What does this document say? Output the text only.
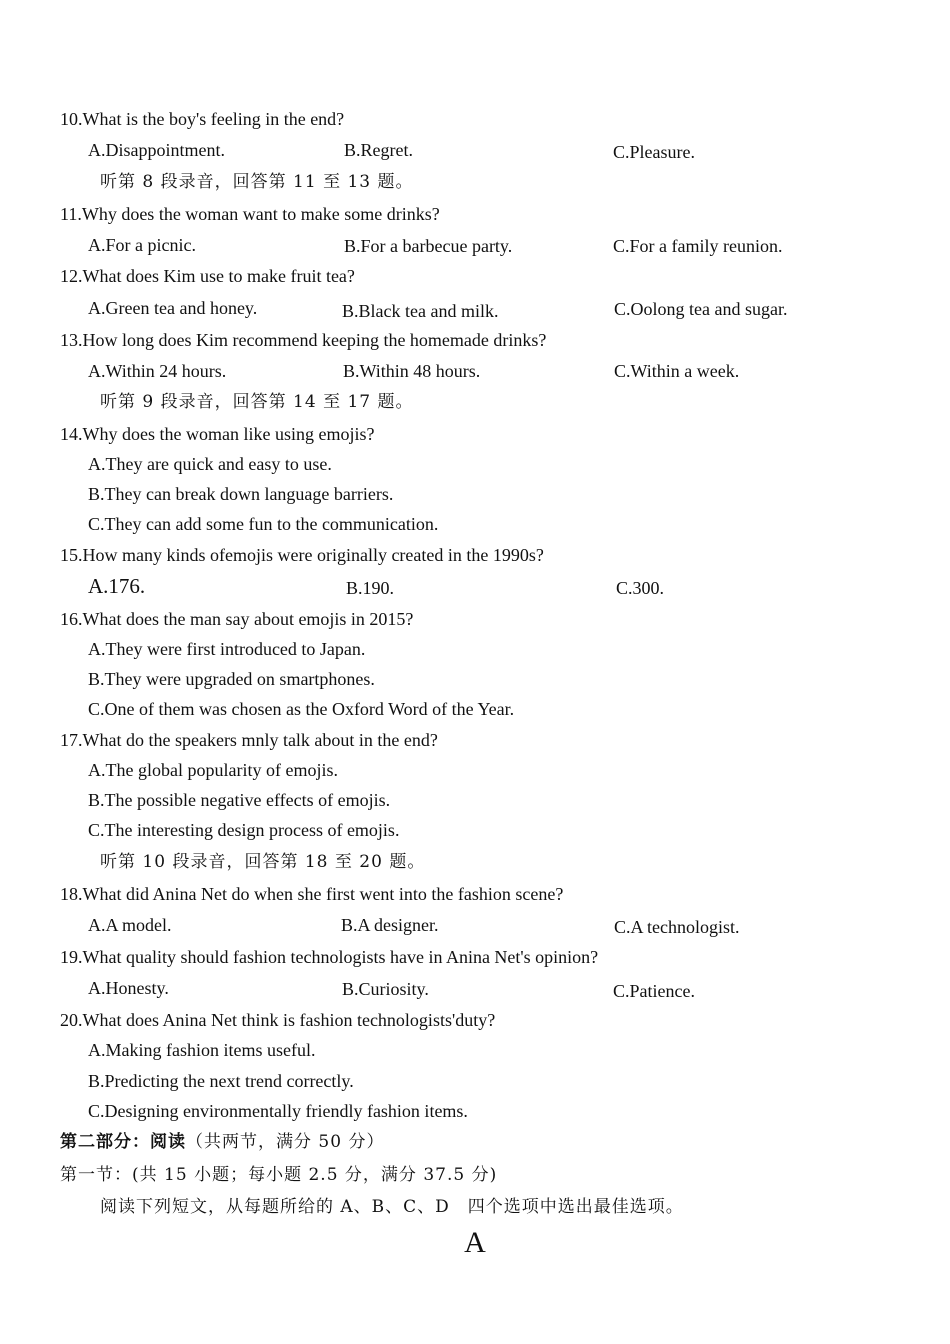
10.What is the boy's feeling in the end?
A.Disappointment.	B.Regret.	C.Pleasure.
听第 8 段录音，回答第 11 至 13 题。
11.Why does the woman want to make some drinks?
A.For a picnic.	B.For a barbecue party.	C.For a family reunion.
12.What does Kim use to make fruit tea?
A.Green tea and honey.	B.Black tea and milk.	C.Oolong tea and sugar.
13.How long does Kim recommend keeping the homemade drinks?
A.Within 24 hours.	B.Within 48 hours.	C.Within a week.
听第 9 段录音，回答第 14 至 17 题。
14.Why does the woman like using emojis?
A.They are quick and easy to use.
B.They can break down language barriers.
C.They can add some fun to the communication.
15.How many kinds ofemojis were originally created in the 1990s?
A.176.	B.190.	C.300.
16.What does the man say about emojis in 2015?
A.They were first introduced to Japan.
B.They were upgraded on smartphones.
C.One of them was chosen as the Oxford Word of the Year.
17.What do the speakers mnly talk about in the end?
A.The global popularity of emojis.
B.The possible negative effects of emojis.
C.The interesting design process of emojis.
听第 10 段录音，回答第 18 至 20 题。
18.What did Anina Net do when she first went into the fashion scene?
A.A model.	B.A designer.	C.A technologist.
19.What quality should fashion technologists have in Anina Net's opinion?
A.Honesty.	B.Curiosity.	C.Patience.
20.What does Anina Net think is fashion technologists'duty?
A.Making fashion items useful.
B.Predicting the next trend correctly.
C.Designing environmentally friendly fashion items.
第二部分：阅读（共两节，满分 50 分）
第一节：(共 15 小题；每小题 2.5 分，满分 37.5 分)
阅读下列短文，从每题所给的 A、B、C、D　四个选项中选出最佳选项。
A
